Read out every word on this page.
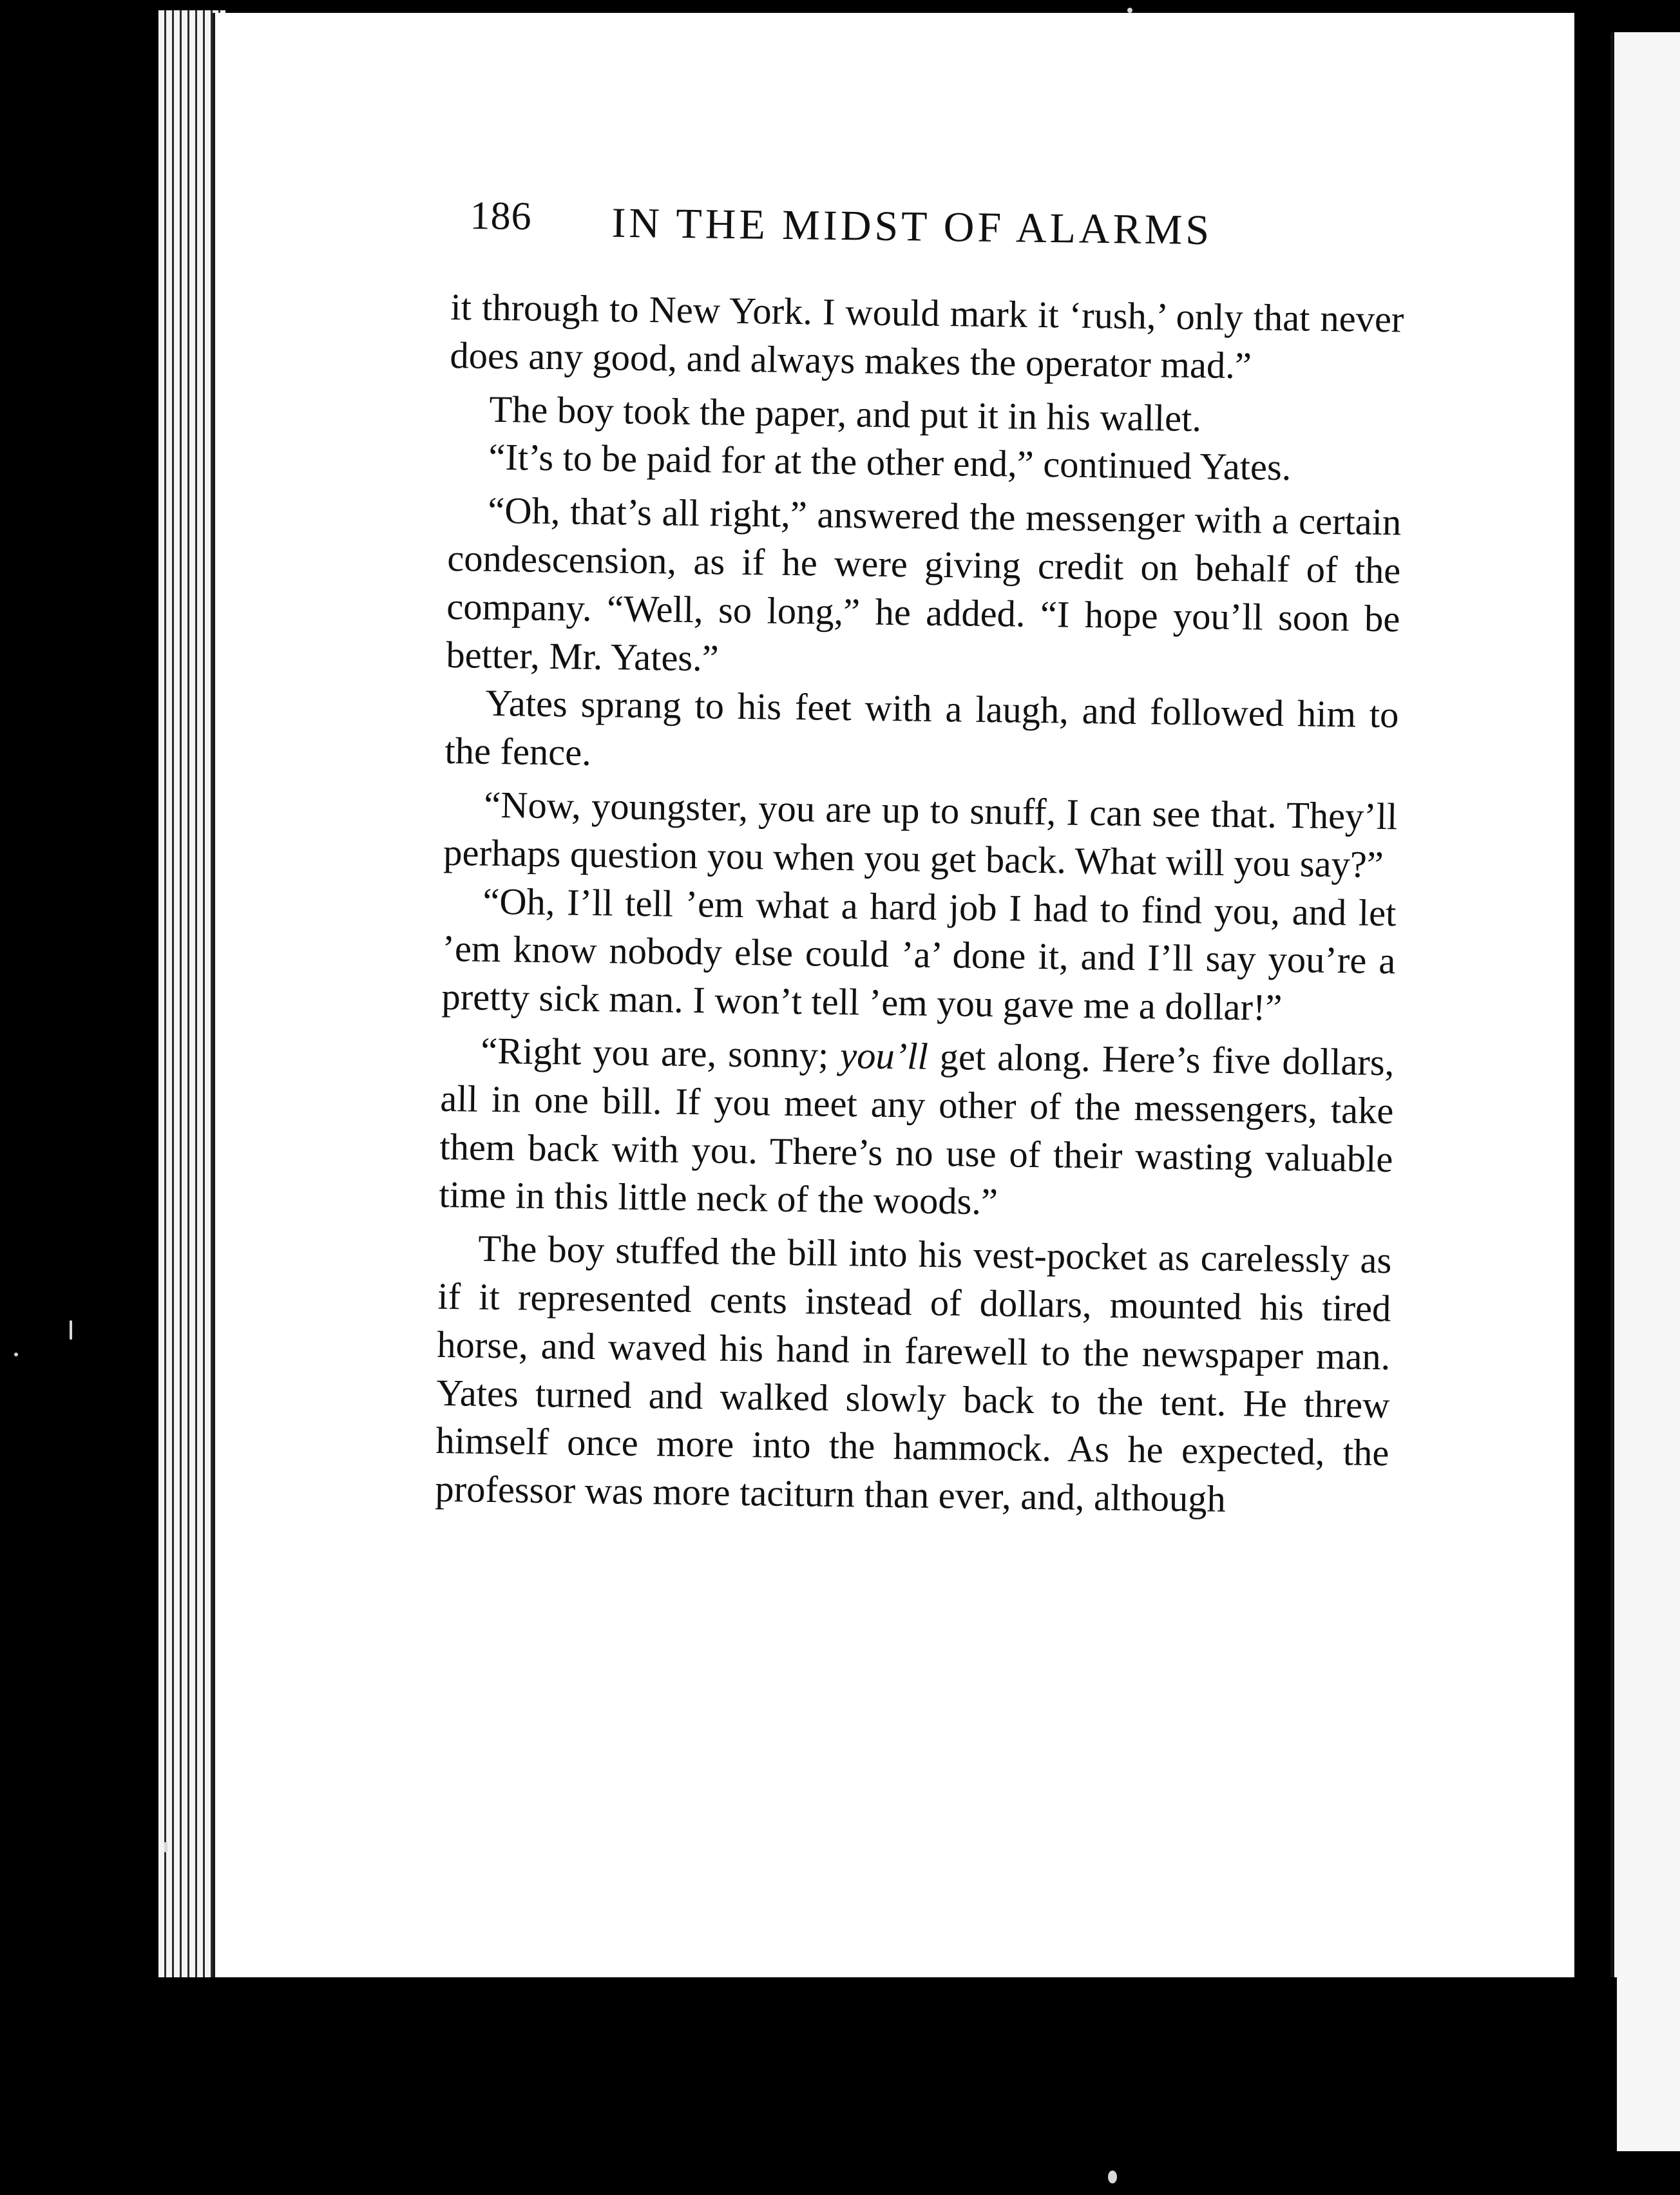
186 IN THE MIDST OF ALARMS

it through to New York. I would mark it ‘rush,’ only that never does any good, and always makes the operator mad.”

The boy took the paper, and put it in his wallet.

“It’s to be paid for at the other end,” continued Yates.

“Oh, that’s all right,” answered the messenger with a certain condescension, as if he were giving credit on behalf of the company. “Well, so long,” he added. “I hope you’ll soon be better, Mr. Yates.”

Yates sprang to his feet with a laugh, and followed him to the fence.

“Now, youngster, you are up to snuff, I can see that. They’ll perhaps question you when you get back. What will you say?”

“Oh, I’ll tell ’em what a hard job I had to find you, and let ’em know nobody else could ’a’ done it, and I’ll say you’re a pretty sick man. I won’t tell ’em you gave me a dollar!”

“Right you are, sonny; you’ll get along. Here’s five dollars, all in one bill. If you meet any other of the messengers, take them back with you. There’s no use of their wasting valuable time in this little neck of the woods.”

The boy stuffed the bill into his vest-pocket as carelessly as if it represented cents instead of dollars, mounted his tired horse, and waved his hand in farewell to the newspaper man. Yates turned and walked slowly back to the tent. He threw himself once more into the hammock. As he expected, the professor was more taciturn than ever, and, although
